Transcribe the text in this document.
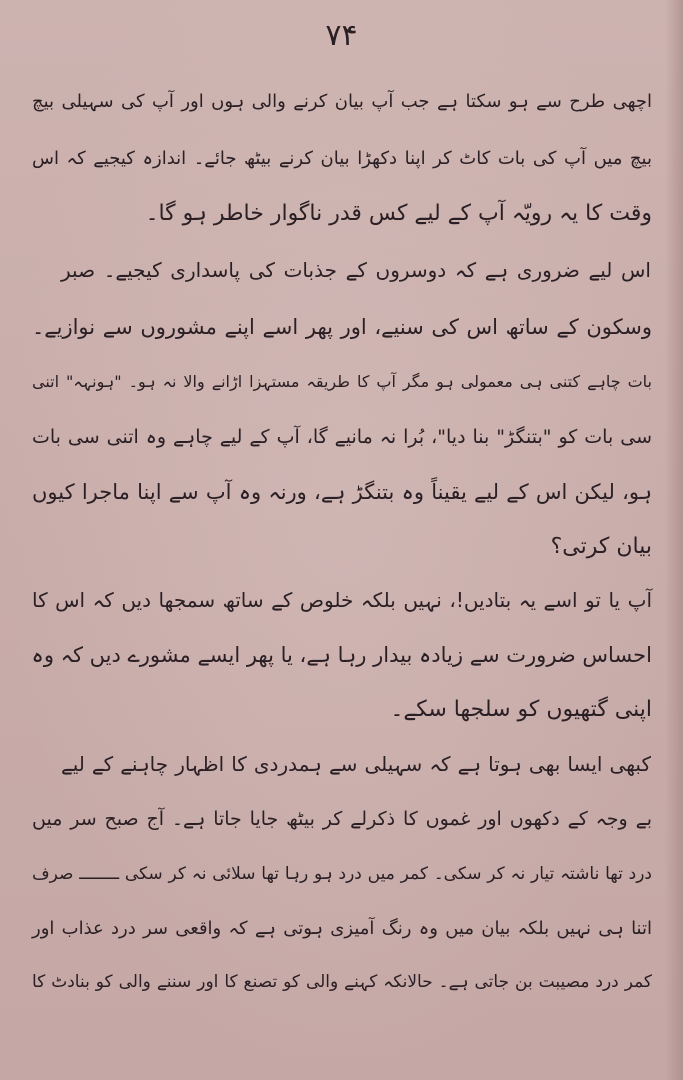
۷۴
اچھی طرح سے ہو سکتا ہے جب آپ بیان کرنے والی ہوں اور آپ کی سہیلی بیچ
بیچ میں آپ کی بات کاٹ کر اپنا دکھڑا بیان کرنے بیٹھ جائے۔ اندازہ کیجیے کہ اس
وقت کا یہ رویّہ آپ کے لیے کس قدر ناگوار خاطر ہو گا۔
اس لیے ضروری ہے کہ دوسروں کے جذبات کی پاسداری کیجیے۔ صبر
وسکون کے ساتھ اس کی سنیے، اور پھر اسے اپنے مشوروں سے نوازیے۔
بات چاہے کتنی ہی معمولی ہو مگر آپ کا طریقہ مستہزا اڑانے والا نہ ہو۔ "ہونہہ" اتنی
سی بات کو "بتنگڑ" بنا دیا"، بُرا نہ مانیے گا، آپ کے لیے چاہے وہ اتنی سی بات
ہو، لیکن اس کے لیے یقیناً وہ بتنگڑ ہے، ورنہ وہ آپ سے اپنا ماجرا کیوں
بیان کرتی؟
آپ یا تو اسے یہ بتادیں!، نہیں بلکہ خلوص کے ساتھ سمجھا دیں کہ اس کا
احساس ضرورت سے زیادہ بیدار رہا ہے، یا پھر ایسے مشورے دیں کہ وہ
اپنی گتھیوں کو سلجھا سکے۔
کبھی ایسا بھی ہوتا ہے کہ سہیلی سے ہمدردی کا اظہار چاہنے کے لیے
بے وجہ کے دکھوں اور غموں کا ذکرلے کر بیٹھ جایا جاتا ہے۔ آج صبح سر میں
درد تھا ناشتہ تیار نہ کر سکی۔ کمر میں درد ہو رہا تھا سلائی نہ کر سکی ــــــــ صرف
اتنا ہی نہیں بلکہ بیان میں وہ رنگ آمیزی ہوتی ہے کہ واقعی سر درد عذاب اور
کمر درد مصیبت بن جاتی ہے۔ حالانکہ کہنے والی کو تصنع کا اور سننے والی کو بنادٹ کا
